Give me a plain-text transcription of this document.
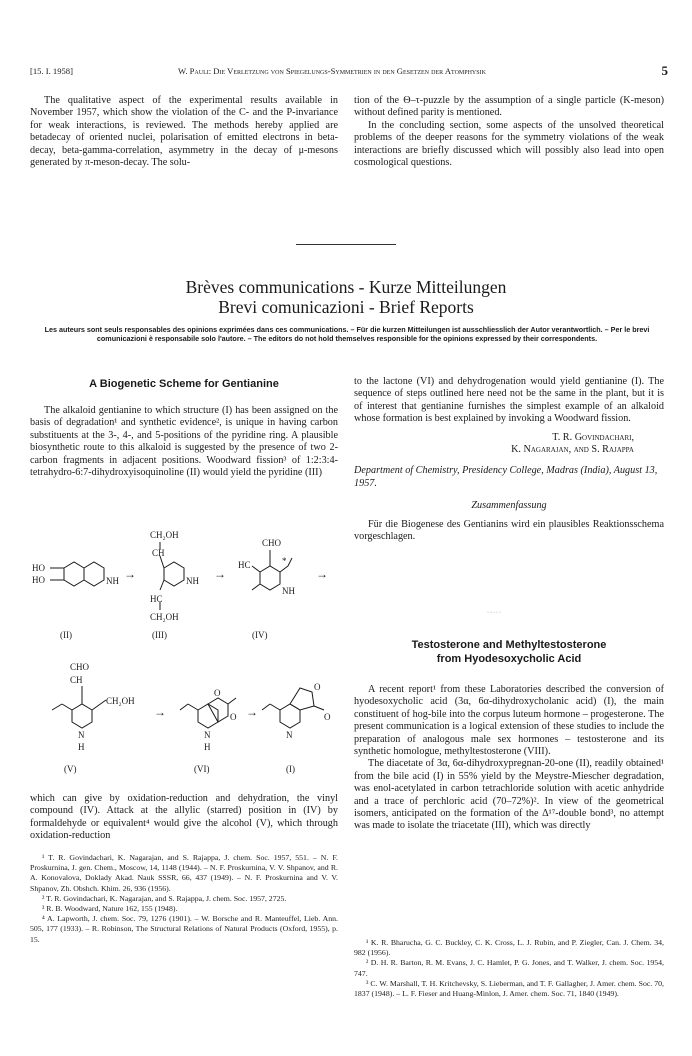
[15. I. 1958]	W. Pauli: Die Verletzung von Spiegelungs-Symmetrien in den Gesetzen der Atomphysik	5

The qualitative aspect of the experimental results available in November 1957, which show the violation of the C- and the P-invariance for weak interactions, is reviewed. The methods hereby applied are betadecay of oriented nuclei, polarisation of emitted electrons in beta-decay, beta-gamma-correlation, asymmetry in the decay of μ-mesons generated by π-meson-decay. The solu-

tion of the Θ–τ-puzzle by the assumption of a single particle (K-meson) without defined parity is mentioned.

In the concluding section, some aspects of the unsolved theoretical problems of the deeper reasons for the symmetry violations of the weak interactions are briefly discussed which will possibly also lead into open cosmological questions.

Brèves communications - Kurze Mitteilungen
Brevi comunicazioni - Brief Reports
Les auteurs sont seuls responsables des opinions exprimées dans ces communications. – Für die kurzen Mitteilungen ist ausschliesslich der Autor verantwortlich. – Per le brevi comunicazioni è responsabile solo l'autore. – The editors do not hold themselves responsible for the opinions expressed by their correspondents.
A Biogenetic Scheme for Gentianine

The alkaloid gentianine to which structure (I) has been assigned on the basis of degradation¹ and synthetic evidence², is unique in having carbon substituents at the 3-, 4-, and 5-positions of the pyridine ring. A plausible biosynthetic route to this alkaloid is suggested by the presence of two 2-carbon fragments in adjacent positions. Woodward fission³ of 1:2:3:4-tetrahydro-6:7-dihydroxyisoquinoline (II) would yield the pyridine (III)

HO
HO	NH →
CH₂OH
CH
HC
CH₂OH
NH →
CHO
HC	*
NH
→
(II)	(III)	(IV)
CHO
CH
CH₂OH
N
H
→
O
O
N
H
→
O
O
N
(V)	(VI)	(I)

which can give by oxidation-reduction and dehydration, the vinyl compound (IV). Attack at the allylic (starred) position in (IV) by formaldehyde or equivalent⁴ would give the alcohol (V), which through oxidation-reduction

¹ T. R. Govindachari, K. Nagarajan, and S. Rajappa, J. chem. Soc. 1957, 551. – N. F. Proskurnina, J. gen. Chem., Moscow, 14, 1148 (1944). – N. F. Proskurnina, V. V. Shpanov, and R. A. Konovalova, Doklady Akad. Nauk SSSR, 66, 437 (1949). – N. F. Proskurnina and V. V. Shpanov, Zh. Obshch. Khim. 26, 936 (1956).

² T. R. Govindachari, K. Nagarajan, and S. Rajappa, J. chem. Soc. 1957, 2725.

³ R. B. Woodward, Nature 162, 155 (1948).

⁴ A. Lapworth, J. chem. Soc. 79, 1276 (1901). – W. Borsche and R. Manteuffel, Lieb. Ann. 505, 177 (1933). – R. Robinson, The Structural Relations of Natural Products (Oxford, 1955), p. 15.

to the lactone (VI) and dehydrogenation would yield gentianine (I). The sequence of steps outlined here need not be the same in the plant, but it is of interest that gentianine furnishes the simplest example of an alkaloid whose formation is best explained by invoking a Woodward fission.

T. R. Govindachari,
K. Nagarajan, and S. Rajappa
Department of Chemistry, Presidency College, Madras (India), August 13, 1957.
Zusammenfassung

Für die Biogenese des Gentianins wird ein plausibles Reaktionsschema vorgeschlagen.

·····
Testosterone and Methyltestosterone
from Hyodesoxycholic Acid

A recent report¹ from these Laboratories described the conversion of hyodesoxycholic acid (3α, 6α-dihydroxycholanic acid) (I), the main constituent of hog-bile into the corpus luteum hormone – progesterone. The present communication is a logical extension of these studies to include the preparation of analogous male sex hormones – testosterone and its synthetic homologue, methyltestosterone (VIII).

The diacetate of 3α, 6α-dihydroxypregnan-20-one (II), readily obtained¹ from the bile acid (I) in 55% yield by the Meystre-Miescher degradation, was enol-acetylated in carbon tetrachloride solution with acetic anhydride and a trace of perchloric acid (70–72%)². In view of the geometrical isomers, anticipated on the formation of the Δ¹⁷-double bond³, no attempt was made to isolate the triacetate (III), which was directly

¹ K. R. Bharucha, G. C. Buckley, C. K. Cross, L. J. Rubin, and P. Ziegler, Can. J. Chem. 34, 982 (1956).

² D. H. R. Barton, R. M. Evans, J. C. Hamlet, P. G. Jones, and T. Walker, J. chem. Soc. 1954, 747.

³ C. W. Marshall, T. H. Kritchevsky, S. Lieberman, and T. F. Gallagher, J. Amer. chem. Soc. 70, 1837 (1948). – L. F. Fieser and Huang-Minlon, J. Amer. chem. Soc. 71, 1840 (1949).
